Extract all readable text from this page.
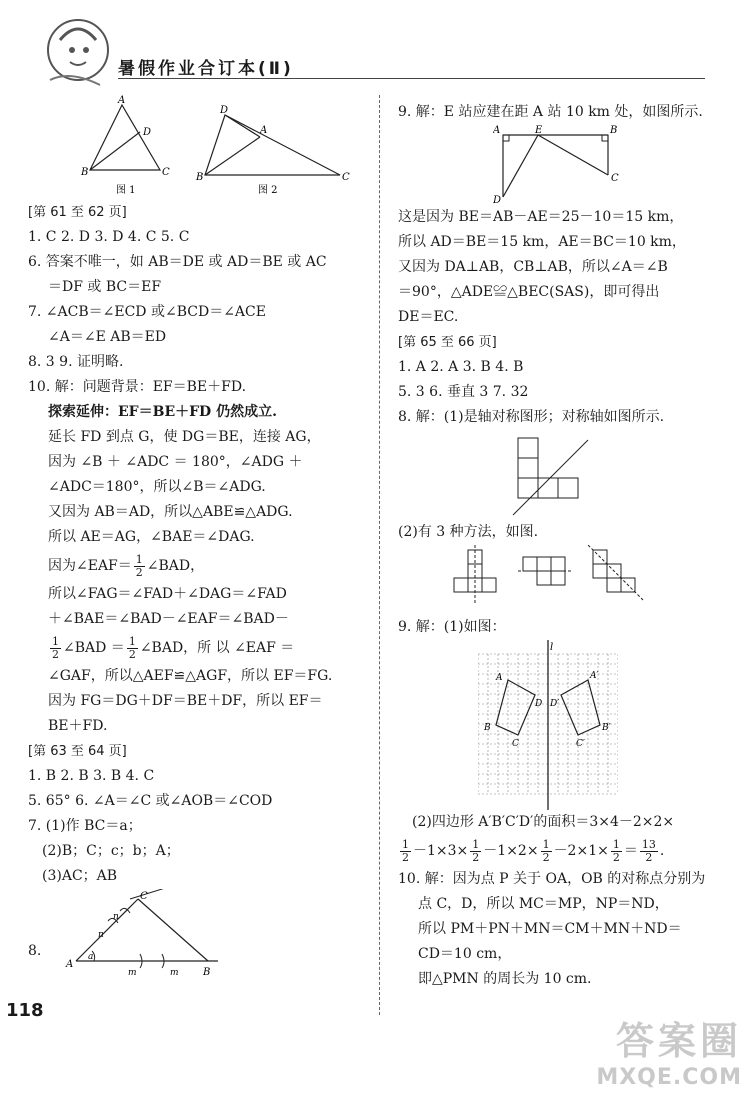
暑假作业合订本(Ⅱ)
A
D
B	C
图 1
D
A
B	C
图 2
[第 61 至 62 页]
1. C 2. D 3. D 4. C 5. C
6. 答案不唯一，如 AB＝DE 或 AD＝BE 或 AC
＝DF 或 BC＝EF
7. ∠ACB＝∠ECD 或∠BCD＝∠ACE
∠A＝∠E AB＝ED
8. 3 9. 证明略.
10. 解：问题背景：EF＝BE＋FD.
探索延伸：EF＝BE＋FD 仍然成立.
延长 FD 到点 G，使 DG＝BE，连接 AG，
因为 ∠B ＋ ∠ADC ＝ 180°，∠ADG ＋
∠ADC＝180°，所以∠B＝∠ADG.
又因为 AB＝AD，所以△ABE≌△ADG.
所以 AE＝AG，∠BAE＝∠DAG.
因为∠EAF＝ $\frac{1}{2}$ ∠BAD，
所以∠FAG＝∠FAD＋∠DAG＝∠FAD
＋∠BAE＝∠BAD－∠EAF＝∠BAD－
$\frac{1}{2}$ ∠BAD ＝ $\frac{1}{2}$ ∠BAD，所 以 ∠EAF ＝
∠GAF，所以△AEF≌△AGF，所以 EF＝FG.
因为 FG＝DG＋DF＝BE＋DF，所以 EF＝
BE＋FD.
[第 63 至 64 页]
1. B 2. B 3. B 4. C
5. 65° 6. ∠A＝∠C 或∠AOB＝∠COD
7. (1)作 BC＝a；
(2)B；C；c；b；A；
(3)AC；AB
8.
C
n
n
a
A
m	m B
9. 解：E 站应建在距 A 站 10 km 处，如图所示.
A	E	B
D
C
这是因为 BE＝AB－AE＝25－10＝15 km，
所以 AD＝BE＝15 km，AE＝BC＝10 km，
又因为 DA⊥AB，CB⊥AB，所以∠A＝∠B
＝90°，△ADE≌△BEC(SAS)，即可得出
DE＝EC.
[第 65 至 66 页]
1. A 2. A 3. B 4. B
5. 3 6. 垂直 3 7. 32
8. 解：(1)是轴对称图形；对称轴如图所示.
(2)有 3 种方法，如图.
9. 解：(1)如图：
l
A	A′
D D′
B	B′
C	C′
(2)四边形 A′B′C′D′的面积＝3×4－2×2×
$\frac{1}{2} -1\times 3\times \frac{1}{2} -1\times 2\times \frac{1}{2} -2\times 1\times \frac{1}{2} = \frac{13}{2}$ .
10. 解：因为点 P 关于 OA，OB 的对称点分别为
点 C，D，所以 MC＝MP，NP＝ND，
所以 PM＋PN＋MN＝CM＋MN＋ND＝
CD＝10 cm，
即△PMN 的周长为 10 cm.
118
答案圈
MXQE.COM
